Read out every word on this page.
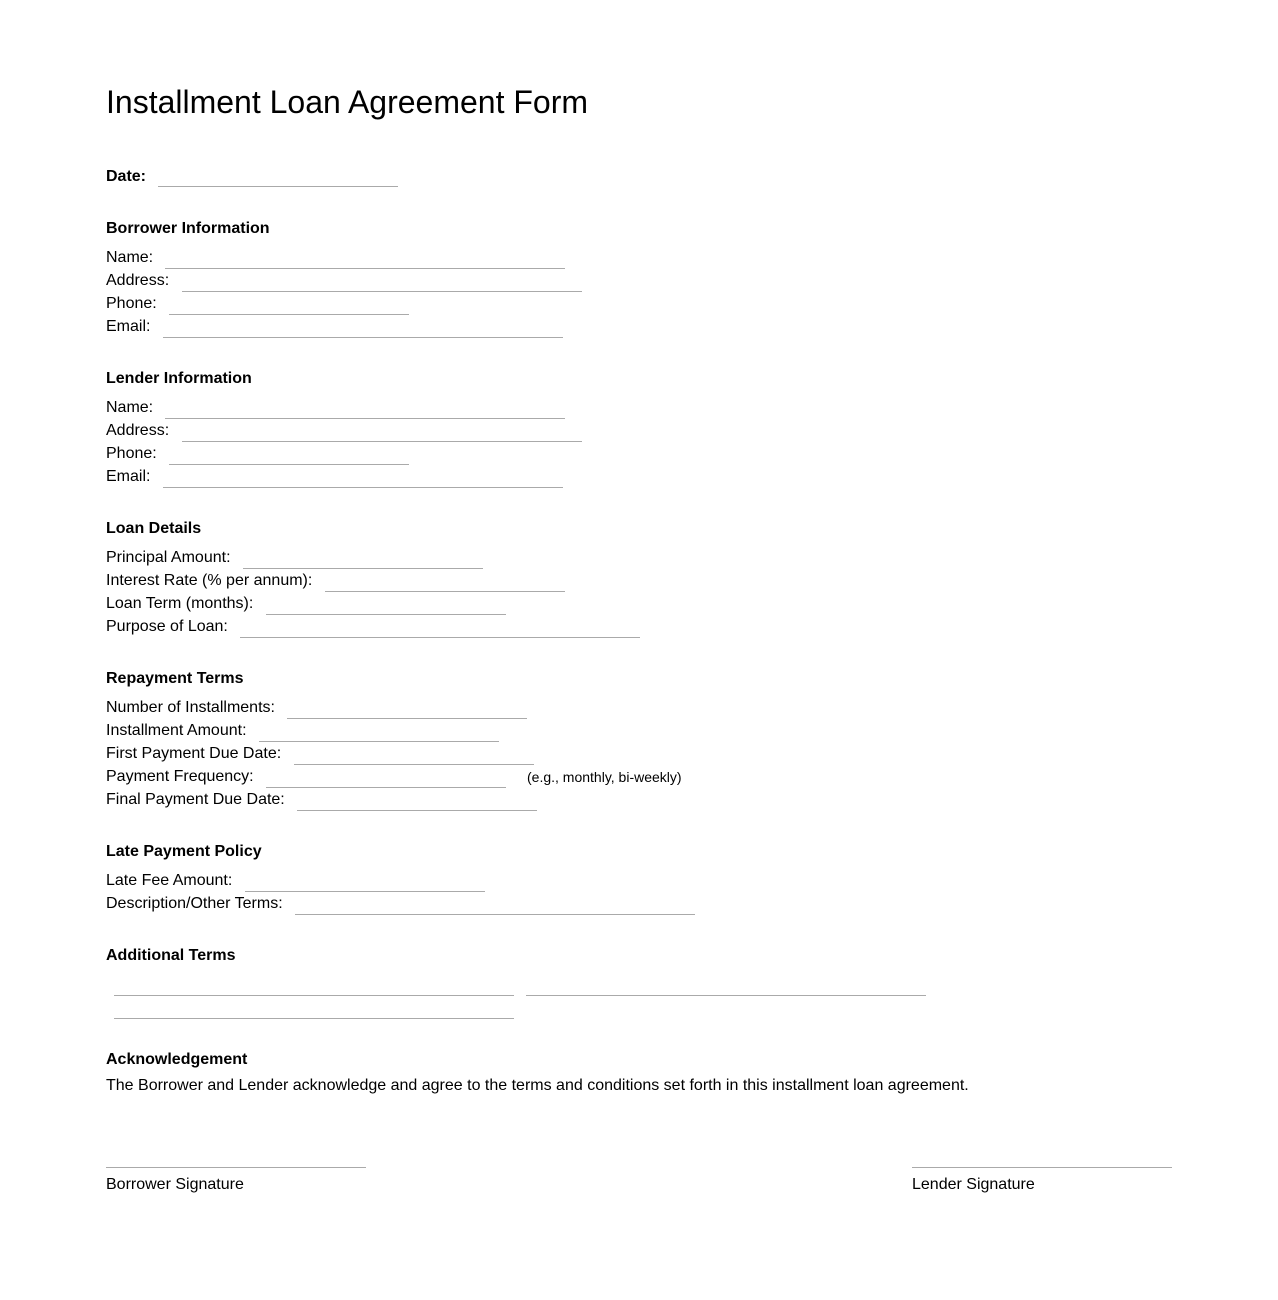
Installment Loan Agreement Form
Date:
Borrower Information
Name:
Address:
Phone:
Email:
Lender Information
Name:
Address:
Phone:
Email:
Loan Details
Principal Amount:
Interest Rate (% per annum):
Loan Term (months):
Purpose of Loan:
Repayment Terms
Number of Installments:
Installment Amount:
First Payment Due Date:
Payment Frequency:	(e.g., monthly, bi-weekly)
Final Payment Due Date:
Late Payment Policy
Late Fee Amount:
Description/Other Terms:
Additional Terms
Acknowledgement
The Borrower and Lender acknowledge and agree to the terms and conditions set forth in this installment loan agreement.
Borrower Signature	Lender Signature
